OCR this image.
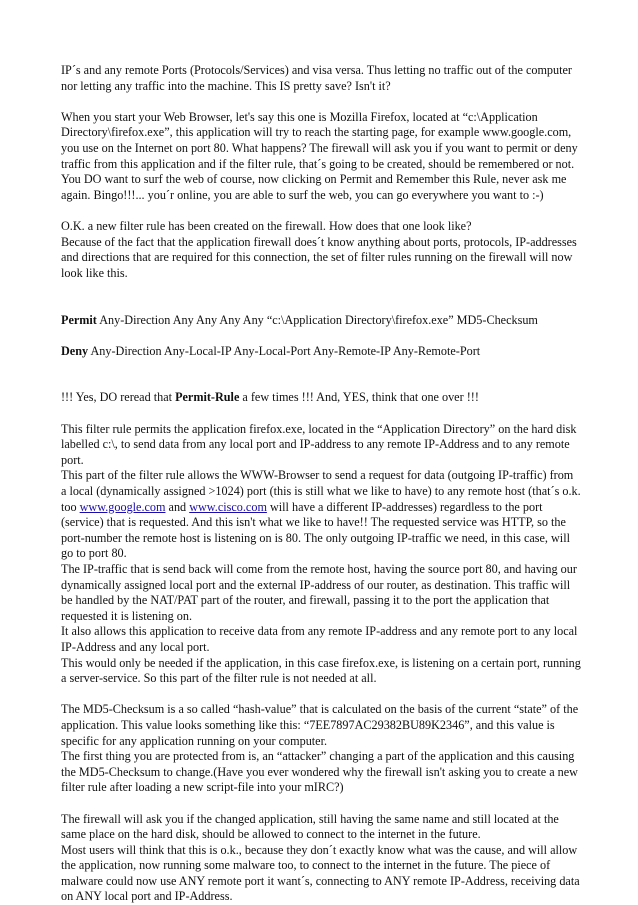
IP´s and any remote Ports (Protocols/Services) and visa versa. Thus letting no traffic out of the computer nor letting any traffic into the machine. This IS pretty save? Isn't it?

When you start your Web Browser, let's say this one is Mozilla Firefox, located at “c:\Application Directory\firefox.exe”, this application will try to reach the starting page, for example www.google.com, you use on the Internet on port 80. What happens? The firewall will ask you if you want to permit or deny traffic from this application and if the filter rule, that´s going to be created, should be remembered or not. You DO want to surf the web of course, now clicking on Permit and Remember this Rule, never ask me again. Bingo!!!... you´r online, you are able to surf the web, you can go everywhere you want to :-)

O.K. a new filter rule has been created on the firewall. How does that one look like?

Because of the fact that the application firewall does´t know anything about ports, protocols, IP-addresses and directions that are required for this connection, the set of filter rules running on the firewall will now look like this.

Permit Any-Direction Any Any Any Any “c:\Application Directory\firefox.exe” MD5-Checksum

Deny Any-Direction Any-Local-IP Any-Local-Port Any-Remote-IP Any-Remote-Port

!!! Yes, DO reread that Permit-Rule a few times !!! And, YES, think that one over !!!

This filter rule permits the application firefox.exe, located in the “Application Directory” on the hard disk labelled c:\, to send data from any local port and IP-address to any remote IP-Address and to any remote port.

This part of the filter rule allows the WWW-Browser to send a request for data (outgoing IP-traffic) from a local (dynamically assigned >1024) port (this is still what we like to have) to any remote host (that´s o.k. too www.google.com and www.cisco.com will have a different IP-addresses) regardless to the port (service) that is requested. And this isn't what we like to have!! The requested service was HTTP, so the port-number the remote host is listening on is 80. The only outgoing IP-traffic we need, in this case, will go to port 80.

The IP-traffic that is send back will come from the remote host, having the source port 80, and having our dynamically assigned local port and the external IP-address of our router, as destination. This traffic will be handled by the NAT/PAT part of the router, and firewall, passing it to the port the application that requested it is listening on.

It also allows this application to receive data from any remote IP-address and any remote port to any local IP-Address and any local port.

This would only be needed if the application, in this case firefox.exe, is listening on a certain port, running a server-service. So this part of the filter rule is not needed at all.

The MD5-Checksum is a so called “hash-value” that is calculated on the basis of the current “state” of the application. This value looks something like this: “7EE7897AC29382BU89K2346”, and this value is specific for any application running on your computer.

The first thing you are protected from is, an “attacker” changing a part of the application and this causing the MD5-Checksum to change.(Have you ever wondered why the firewall isn't asking you to create a new filter rule after loading a new script-file into your mIRC?)

The firewall will ask you if the changed application, still having the same name and still located at the same place on the hard disk, should be allowed to connect to the internet in the future.

Most users will think that this is o.k., because they don´t exactly know what was the cause, and will allow the application, now running some malware too, to connect to the internet in the future. The piece of malware could now use ANY remote port it want´s, connecting to ANY remote IP-Address, receiving data on ANY local port and IP-Address.
